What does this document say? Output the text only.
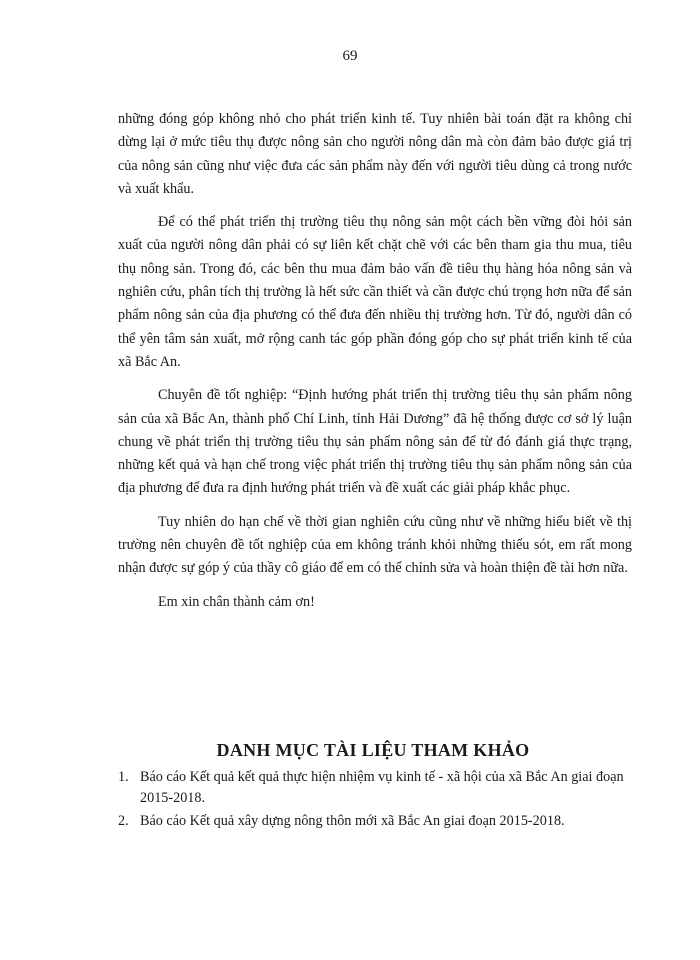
69

những đóng góp không nhỏ cho phát triển kinh tế. Tuy nhiên bài toán đặt ra không chỉ dừng lại ở mức tiêu thụ được nông sản cho người nông dân mà còn đảm bảo được giá trị của nông sản cũng như việc đưa các sản phẩm này đến với người tiêu dùng cả trong nước và xuất khẩu.

Để có thể phát triển thị trường tiêu thụ nông sản một cách bền vững đòi hỏi sản xuất của người nông dân phải có sự liên kết chặt chẽ với các bên tham gia thu mua, tiêu thụ nông sản. Trong đó, các bên thu mua đảm bảo vấn đề tiêu thụ hàng hóa nông sản và nghiên cứu, phân tích thị trường là hết sức cần thiết và cần được chú trọng hơn nữa để sản phẩm nông sản của địa phương có thể đưa đến nhiều thị trường hơn. Từ đó, người dân có thể yên tâm sản xuất, mở rộng canh tác góp phần đóng góp cho sự phát triển kinh tế của xã Bắc An.

Chuyên đề tốt nghiệp: “Định hướng phát triển thị trường tiêu thụ sản phẩm nông sản của xã Bắc An, thành phố Chí Linh, tỉnh Hải Dương” đã hệ thống được cơ sở lý luận chung về phát triển thị trường tiêu thụ sản phẩm nông sản để từ đó đánh giá thực trạng, những kết quả và hạn chế trong việc phát triển thị trường tiêu thụ sản phẩm nông sản của địa phương để đưa ra định hướng phát triển và đề xuất các giải pháp khắc phục.

Tuy nhiên do hạn chế về thời gian nghiên cứu cũng như về những hiểu biết về thị trường nên chuyên đề tốt nghiệp của em không tránh khỏi những thiếu sót, em rất mong nhận được sự góp ý của thầy cô giáo để em có thể chỉnh sửa và hoàn thiện đề tài hơn nữa.

Em xin chân thành cảm ơn!

DANH MỤC TÀI LIỆU THAM KHẢO
1. Báo cáo Kết quả kết quả thực hiện nhiệm vụ kinh tế - xã hội của xã Bắc An giai đoạn 2015-2018.
2. Báo cáo Kết quả xây dựng nông thôn mới xã Bắc An giai đoạn 2015-2018.
